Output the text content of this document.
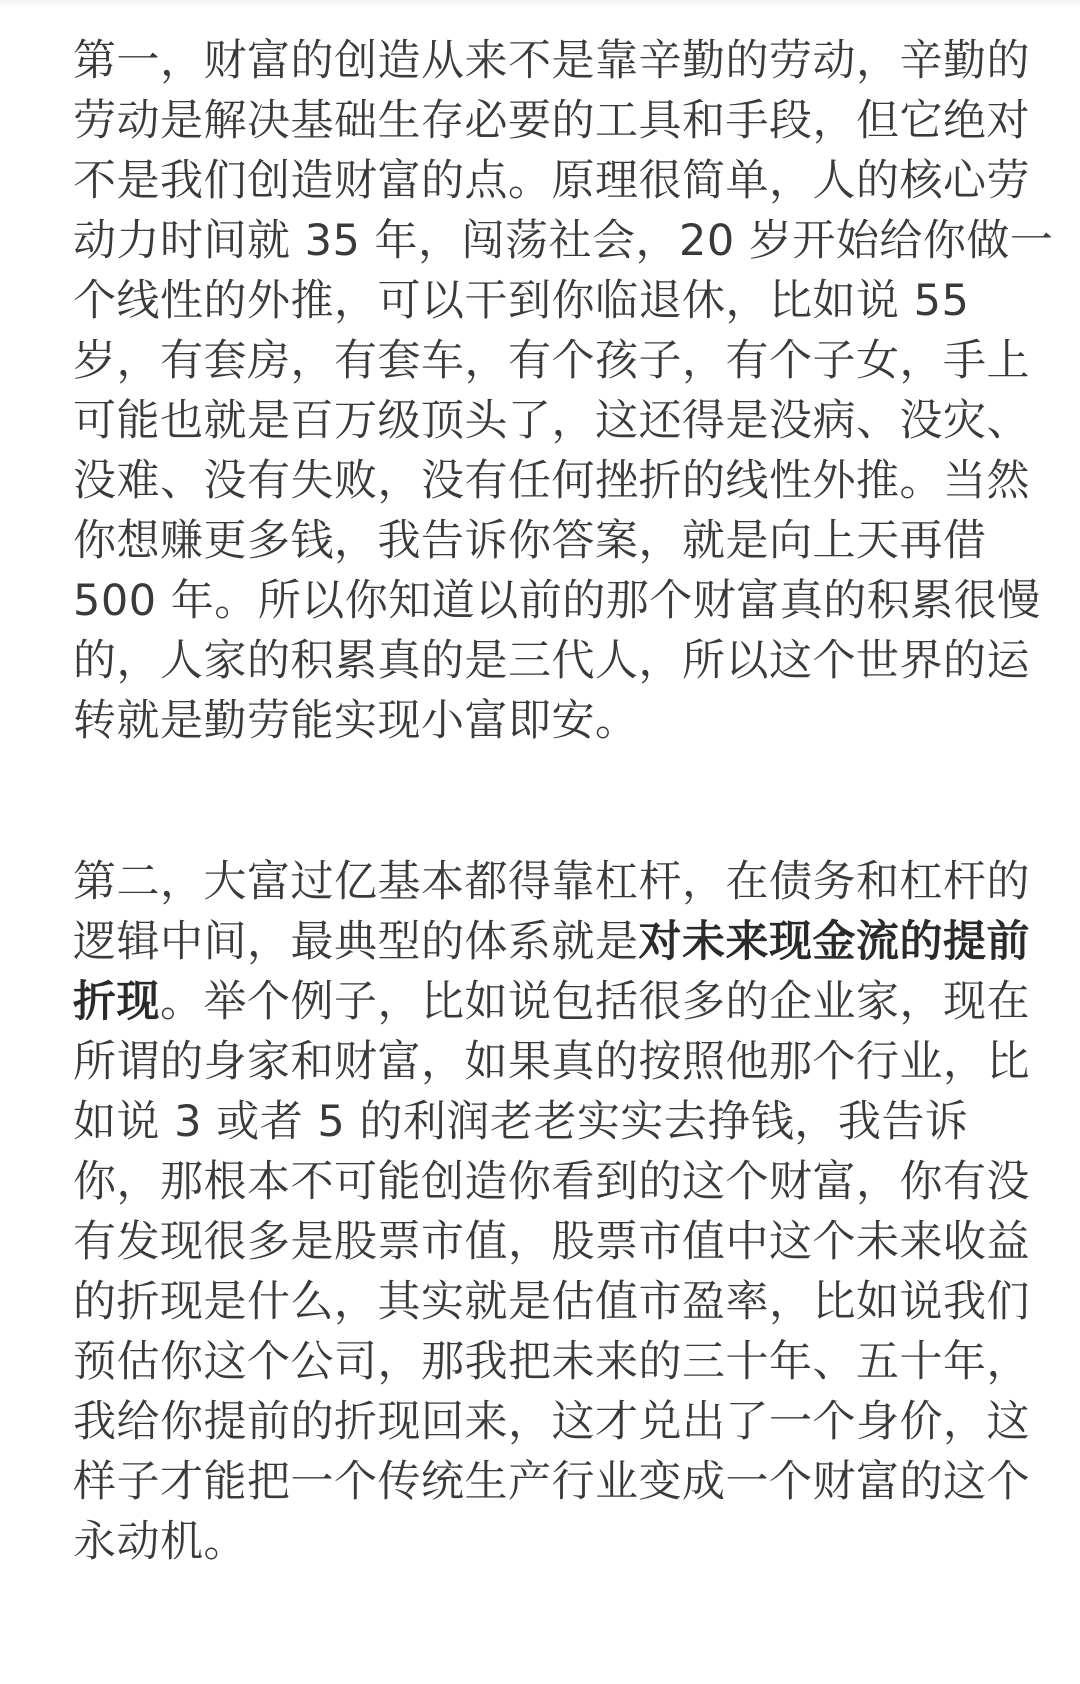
第一，财富的创造从来不是靠辛勤的劳动，辛勤的
劳动是解决基础生存必要的工具和手段，但它绝对
不是我们创造财富的点。原理很简单，人的核心劳
动力时间就 35 年，闯荡社会，20 岁开始给你做一
个线性的外推，可以干到你临退休，比如说 55
岁，有套房，有套车，有个孩子，有个子女，手上
可能也就是百万级顶头了，这还得是没病、没灾、
没难、没有失败，没有任何挫折的线性外推。当然
你想赚更多钱，我告诉你答案，就是向上天再借
500 年。所以你知道以前的那个财富真的积累很慢
的，人家的积累真的是三代人，所以这个世界的运
转就是勤劳能实现小富即安。
第二，大富过亿基本都得靠杠杆，在债务和杠杆的
逻辑中间，最典型的体系就是对未来现金流的提前
折现。举个例子，比如说包括很多的企业家，现在
所谓的身家和财富，如果真的按照他那个行业，比
如说 3 或者 5 的利润老老实实去挣钱，我告诉
你，那根本不可能创造你看到的这个财富，你有没
有发现很多是股票市值，股票市值中这个未来收益
的折现是什么，其实就是估值市盈率，比如说我们
预估你这个公司，那我把未来的三十年、五十年，
我给你提前的折现回来，这才兑出了一个身价，这
样子才能把一个传统生产行业变成一个财富的这个
永动机。
